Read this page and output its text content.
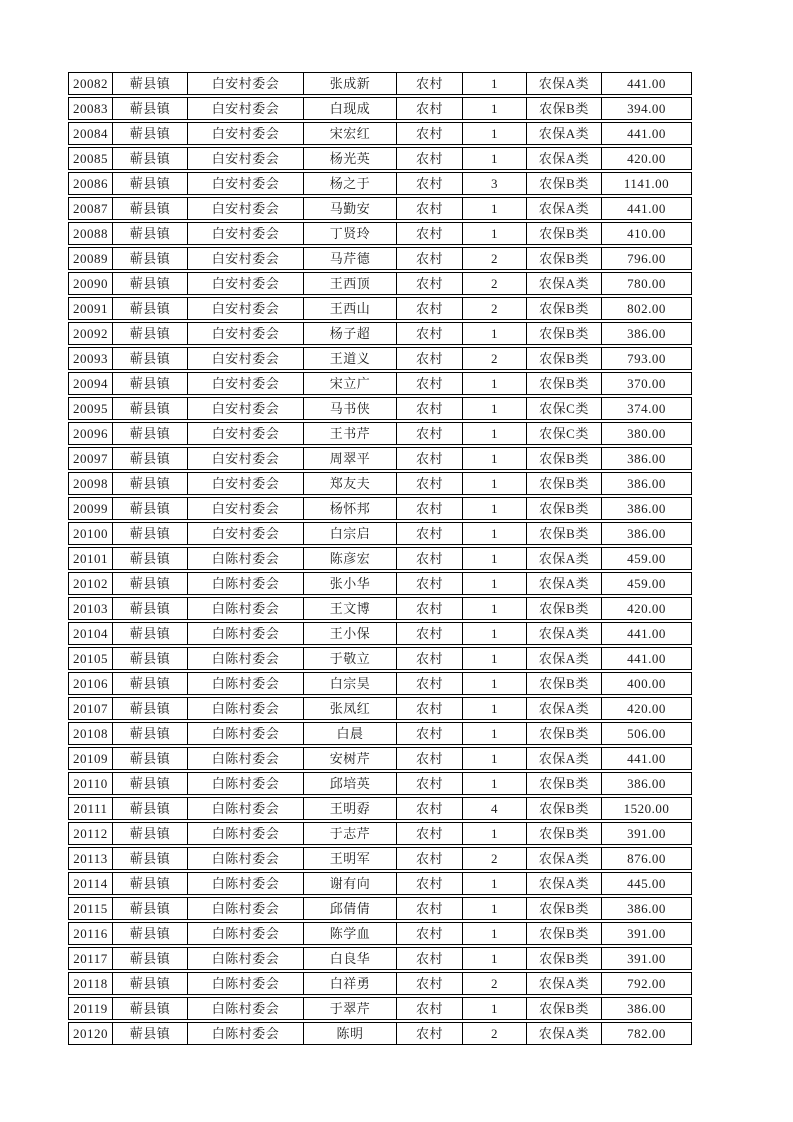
20082	蕲县镇	白安村委会	张成新	农村	1	农保A类	441.00
20083	蕲县镇	白安村委会	白现成	农村	1	农保B类	394.00
20084	蕲县镇	白安村委会	宋宏红	农村	1	农保A类	441.00
20085	蕲县镇	白安村委会	杨光英	农村	1	农保A类	420.00
20086	蕲县镇	白安村委会	杨之于	农村	3	农保B类	1141.00
20087	蕲县镇	白安村委会	马勤安	农村	1	农保A类	441.00
20088	蕲县镇	白安村委会	丁贤玲	农村	1	农保B类	410.00
20089	蕲县镇	白安村委会	马芹德	农村	2	农保B类	796.00
20090	蕲县镇	白安村委会	王西顶	农村	2	农保A类	780.00
20091	蕲县镇	白安村委会	王西山	农村	2	农保B类	802.00
20092	蕲县镇	白安村委会	杨子超	农村	1	农保B类	386.00
20093	蕲县镇	白安村委会	王道义	农村	2	农保B类	793.00
20094	蕲县镇	白安村委会	宋立广	农村	1	农保B类	370.00
20095	蕲县镇	白安村委会	马书侠	农村	1	农保C类	374.00
20096	蕲县镇	白安村委会	王书芹	农村	1	农保C类	380.00
20097	蕲县镇	白安村委会	周翠平	农村	1	农保B类	386.00
20098	蕲县镇	白安村委会	郑友夫	农村	1	农保B类	386.00
20099	蕲县镇	白安村委会	杨怀邦	农村	1	农保B类	386.00
20100	蕲县镇	白安村委会	白宗启	农村	1	农保B类	386.00
20101	蕲县镇	白陈村委会	陈彦宏	农村	1	农保A类	459.00
20102	蕲县镇	白陈村委会	张小华	农村	1	农保A类	459.00
20103	蕲县镇	白陈村委会	王文博	农村	1	农保B类	420.00
20104	蕲县镇	白陈村委会	王小保	农村	1	农保A类	441.00
20105	蕲县镇	白陈村委会	于敬立	农村	1	农保A类	441.00
20106	蕲县镇	白陈村委会	白宗昊	农村	1	农保B类	400.00
20107	蕲县镇	白陈村委会	张凤红	农村	1	农保A类	420.00
20108	蕲县镇	白陈村委会	白晨	农村	1	农保B类	506.00
20109	蕲县镇	白陈村委会	安树芹	农村	1	农保A类	441.00
20110	蕲县镇	白陈村委会	邱培英	农村	1	农保B类	386.00
20111	蕲县镇	白陈村委会	王明孬	农村	4	农保B类	1520.00
20112	蕲县镇	白陈村委会	于志芹	农村	1	农保B类	391.00
20113	蕲县镇	白陈村委会	王明军	农村	2	农保A类	876.00
20114	蕲县镇	白陈村委会	谢有向	农村	1	农保A类	445.00
20115	蕲县镇	白陈村委会	邱倩倩	农村	1	农保B类	386.00
20116	蕲县镇	白陈村委会	陈学血	农村	1	农保B类	391.00
20117	蕲县镇	白陈村委会	白良华	农村	1	农保B类	391.00
20118	蕲县镇	白陈村委会	白祥勇	农村	2	农保A类	792.00
20119	蕲县镇	白陈村委会	于翠芹	农村	1	农保B类	386.00
20120	蕲县镇	白陈村委会	陈明	农村	2	农保A类	782.00
